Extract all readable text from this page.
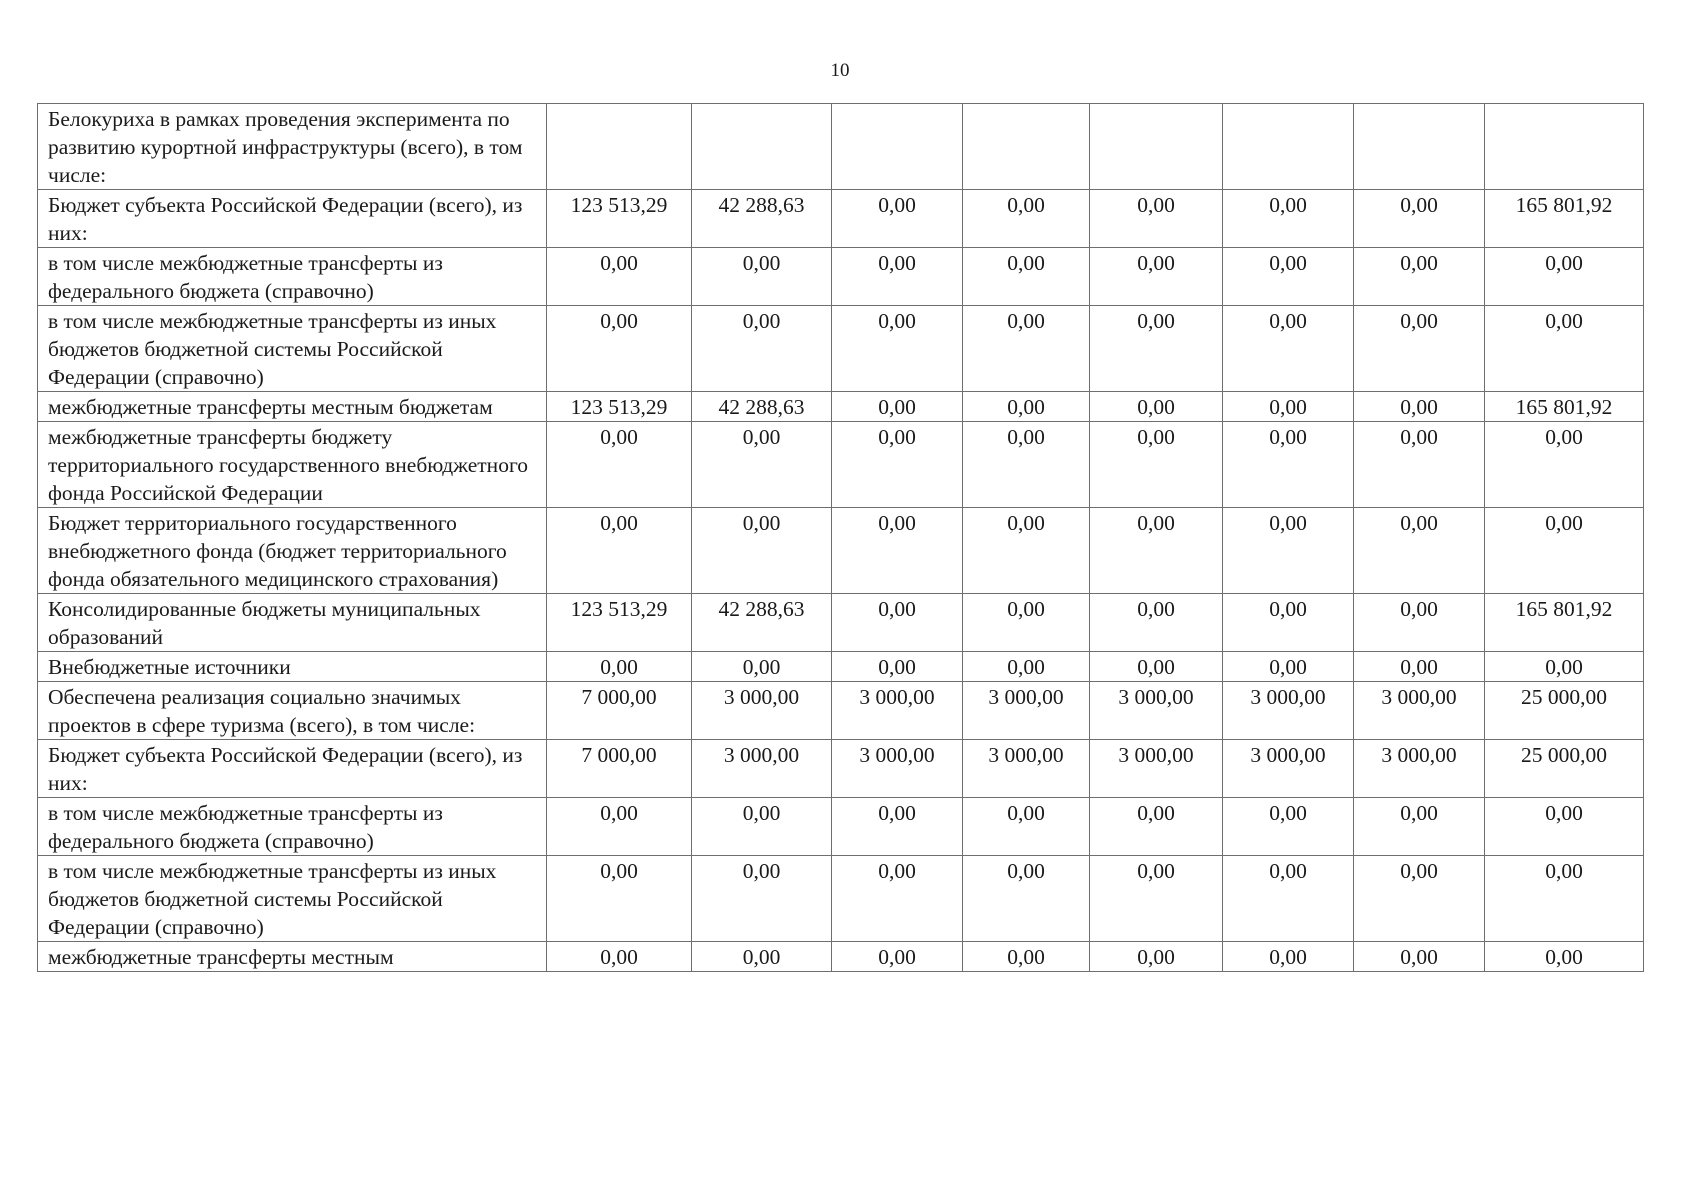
10
Белокуриха в рамках проведения эксперимента по развитию курортной инфраструктуры (всего), в том числе:								
Бюджет субъекта Российской Федерации (всего), из них:	123 513,29	42 288,63	0,00	0,00	0,00	0,00	0,00	165 801,92
в том числе межбюджетные трансферты из федерального бюджета (справочно)	0,00	0,00	0,00	0,00	0,00	0,00	0,00	0,00
в том числе межбюджетные трансферты из иных бюджетов бюджетной системы Российской Федерации (справочно)	0,00	0,00	0,00	0,00	0,00	0,00	0,00	0,00
межбюджетные трансферты местным бюджетам	123 513,29	42 288,63	0,00	0,00	0,00	0,00	0,00	165 801,92
межбюджетные трансферты бюджету территориального государственного внебюджетного фонда Российской Федерации	0,00	0,00	0,00	0,00	0,00	0,00	0,00	0,00
Бюджет территориального государственного внебюджетного фонда (бюджет территориального фонда обязательного медицинского страхования)	0,00	0,00	0,00	0,00	0,00	0,00	0,00	0,00
Консолидированные бюджеты муниципальных образований	123 513,29	42 288,63	0,00	0,00	0,00	0,00	0,00	165 801,92
Внебюджетные источники	0,00	0,00	0,00	0,00	0,00	0,00	0,00	0,00
Обеспечена реализация социально значимых проектов в сфере туризма (всего), в том числе:	7 000,00	3 000,00	3 000,00	3 000,00	3 000,00	3 000,00	3 000,00	25 000,00
Бюджет субъекта Российской Федерации (всего), из них:	7 000,00	3 000,00	3 000,00	3 000,00	3 000,00	3 000,00	3 000,00	25 000,00
в том числе межбюджетные трансферты из федерального бюджета (справочно)	0,00	0,00	0,00	0,00	0,00	0,00	0,00	0,00
в том числе межбюджетные трансферты из иных бюджетов бюджетной системы Российской Федерации (справочно)	0,00	0,00	0,00	0,00	0,00	0,00	0,00	0,00
межбюджетные трансферты местным	0,00	0,00	0,00	0,00	0,00	0,00	0,00	0,00
